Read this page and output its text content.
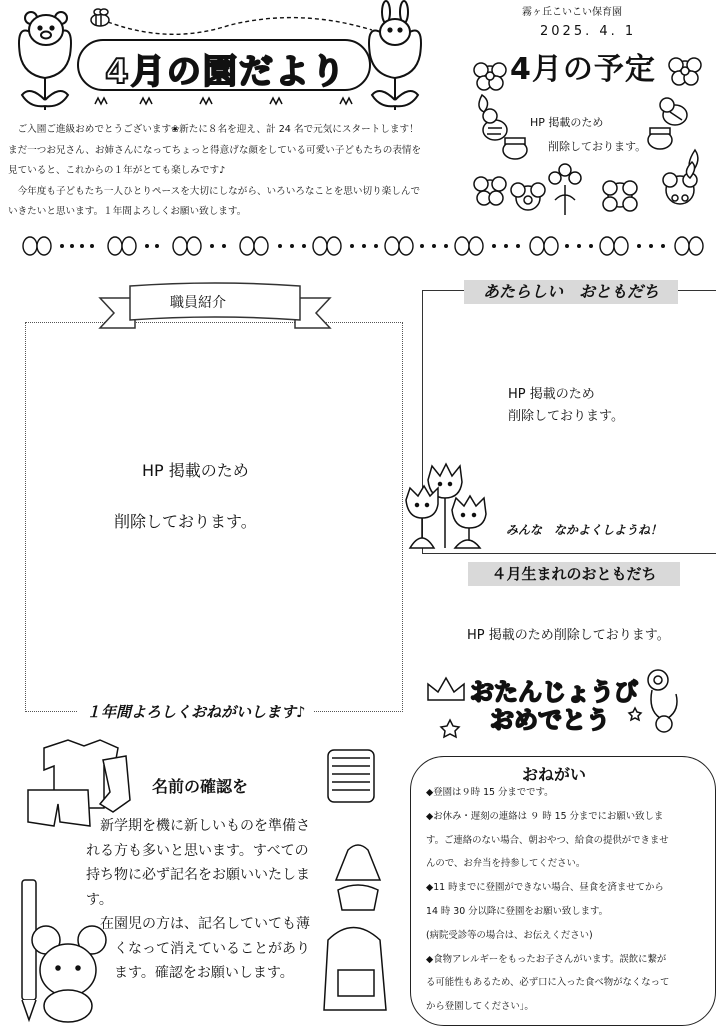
4月の園だより
霧ヶ丘こいこい保育園
2025. 4. 1
4月の予定
HP 掲載のため
削除しております。
　ご入園ご進級おめでとうございます❀新たに８名を迎え、計 24 名で元気にスタートします！
まだ一つお兄さん、お姉さんになってちょっと得意げな顔をしている可愛い子どもたちの表情を
見ていると、これからの１年がとても楽しみです♪
　今年度も子どもたち一人ひとりペースを大切にしながら、いろいろなことを思い切り楽しんで
いきたいと思います。１年間よろしくお願い致します。
職員紹介
HP 掲載のため
削除しております。
１年間よろしくおねがいします♪
あたらしい　おともだち
HP 掲載のため
削除しております。
みんな　なかよくしようね！
４月生まれのおともだち
HP 掲載のため削除しております。
おたんじょうび
おめでとう
名前の確認を
　新学期を機に新しいものを準備さ
れる方も多いと思います。すべての
持ち物に必ず記名をお願いいたしま
す。
　在園児の方は、記名していても薄
くなって消えていることがあり
ます。確認をお願いします。
おねがい
◆登園は９時 15 分までです。
◆お休み・遅刻の連絡は ９ 時 15 分までにお願い致しま
す。ご連絡のない場合、朝おやつ、給食の提供ができませ
んので、お弁当を持参してください。
◆11 時までに登園ができない場合、昼食を済ませてから
14 時 30 分以降に登園をお願い致します。
(病院受診等の場合は、お伝えください)
◆食物アレルギーをもったお子さんがいます。誤飲に繋が
る可能性もあるため、必ず口に入った食べ物がなくなって
から登園してください」。
